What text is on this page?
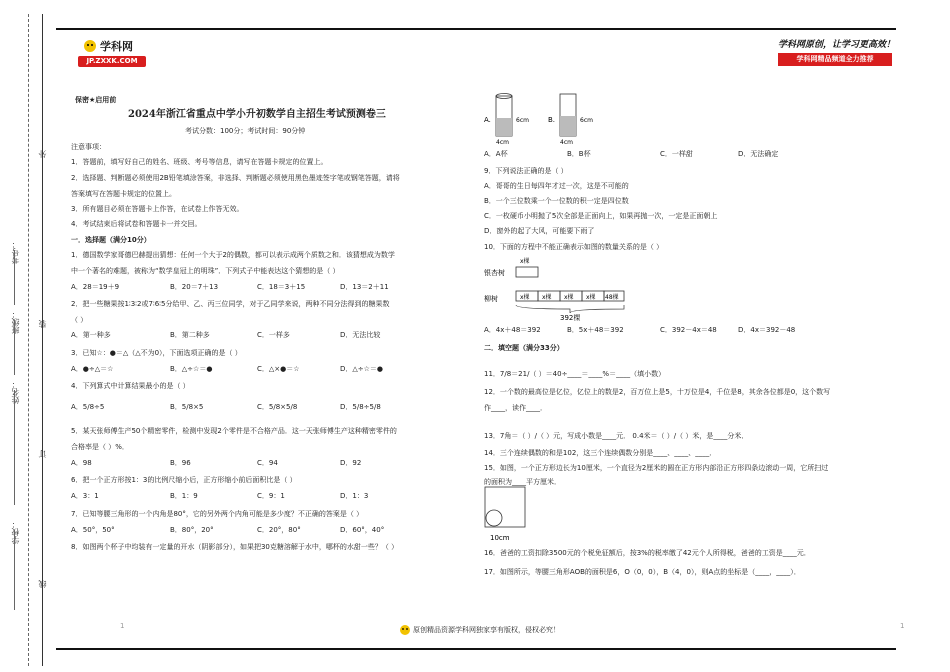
学校：
姓名：
班级：
考号：
外
装
订
线
学科网
JP.ZXXK.COM
学科网原创，让学习更高效！
学科网精品频道全力推荐
保密★启用前
2024年浙江省重点中学小升初数学自主招生考试预测卷三
考试分数：100分；考试时间：90分钟
注意事项：
1．答题前，填写好自己的姓名、班级、考号等信息，请写在答题卡规定的位置上。
2．选择题、判断题必须使用2B铅笔填涂答案，非选择、判断题必须使用黑色墨迹签字笔或钢笔答题，请将
答案填写在答题卡规定的位置上。
3．所有题目必须在答题卡上作答，在试卷上作答无效。
4．考试结束后将试卷和答题卡一并交回。
一．选择题（满分10分）
1．德国数学家哥德巴赫提出猜想：任何一个大于2的偶数，都可以表示成两个质数之和．该猜想成为数学
中一个著名的难题，被称为“数学皇冠上的明珠”．下列式子中能表达这个猜想的是（ ）
A．28＝19＋9	B．20＝7＋13	C．18＝3＋15	D．13＝2＋11
2．把一些糖果按1∶3∶2或7∶6∶5分给甲、乙、丙三位同学，对于乙同学来说，两种不同分法得到的糖果数
（ ）
A．第一种多	B．第二种多	C．一样多	D．无法比较
3．已知☆：●＝△（△不为0），下面选项正确的是（ ）
A．●÷△＝☆	B．△÷☆＝●	C．△×●＝☆	D．△÷☆＝●
4．下列算式中计算结果最小的是（ ）
A．5/8÷5	B．5/8×5	C．5/8×5/8	D．5/8÷5/8
5．某天张师傅生产50个精密零件，检测中发现2个零件是不合格产品．这一天张师傅生产这种精密零件的
合格率是（ ）%．
A．98	B．96	C．94	D．92
6．把一个正方形按1：3的比例尺缩小后，正方形缩小前后面积比是（ ）
A．3：1	B．1：9	C．9：1	D．1：3
7．已知等腰三角形的一个内角是80°，它的另外两个内角可能是多少度？不正确的答案是（ ）
A．50°，50°	B．80°，20°	C．20°，80°	D．60°，40°
8．如图两个杯子中均装有一定量的开水（阴影部分），如果把30克糖溶解于水中，哪杯的水甜一些？（ ）
A.	6cm
4cm
B.	6cm
4cm
A．A杯	B．B杯	C．一样甜	D．无法确定
9．下列说法正确的是（ ）
A．哥哥的生日每四年才过一次，这是不可能的
B．一个三位数乘一个一位数的积一定是四位数
C．一枚硬币小明抛了5次全部是正面向上，如果再抛一次，一定是正面朝上
D．窗外的起了大风，可能要下雨了
10．下面的方程中不能正确表示如图的数量关系的是（ ）
银杏树
x棵
柳树	x棵 x棵 x棵 x棵 48棵
392棵
A．4x＋48＝392	B．5x＋48＝392	C．392－4x＝48	D．4x＝392－48
二．填空题（满分33分）
11．7/8＝21/（ ）＝40÷____＝____%＝____（填小数）
12．一个数的最高位是亿位，亿位上的数是2，百万位上是5，十万位是4，千位是8，其余各位都是0，这个数写
作____，读作____．
13．7角＝（ ）/（ ）元，写成小数是____元． 0.4米＝（ ）/（ ）米，是____分米．
14．三个连续偶数的和是102，这三个连续偶数分别是____、____、____．
15．如图，一个正方形边长为10厘米，一个直径为2厘米的圆在正方形内部沿正方形四条边滚动一周，它所扫过
的面积为____平方厘米．
10cm
16．爸爸的工资扣除3500元的个税免征额后，按3%的税率缴了42元个人所得税，爸爸的工资是____元．
17．如图所示，等腰三角形AOB的面积是6，O（0，0），B（4，0），则A点的坐标是（____，____）．
1	1
原创精品资源学科网独家享有版权，侵权必究！
